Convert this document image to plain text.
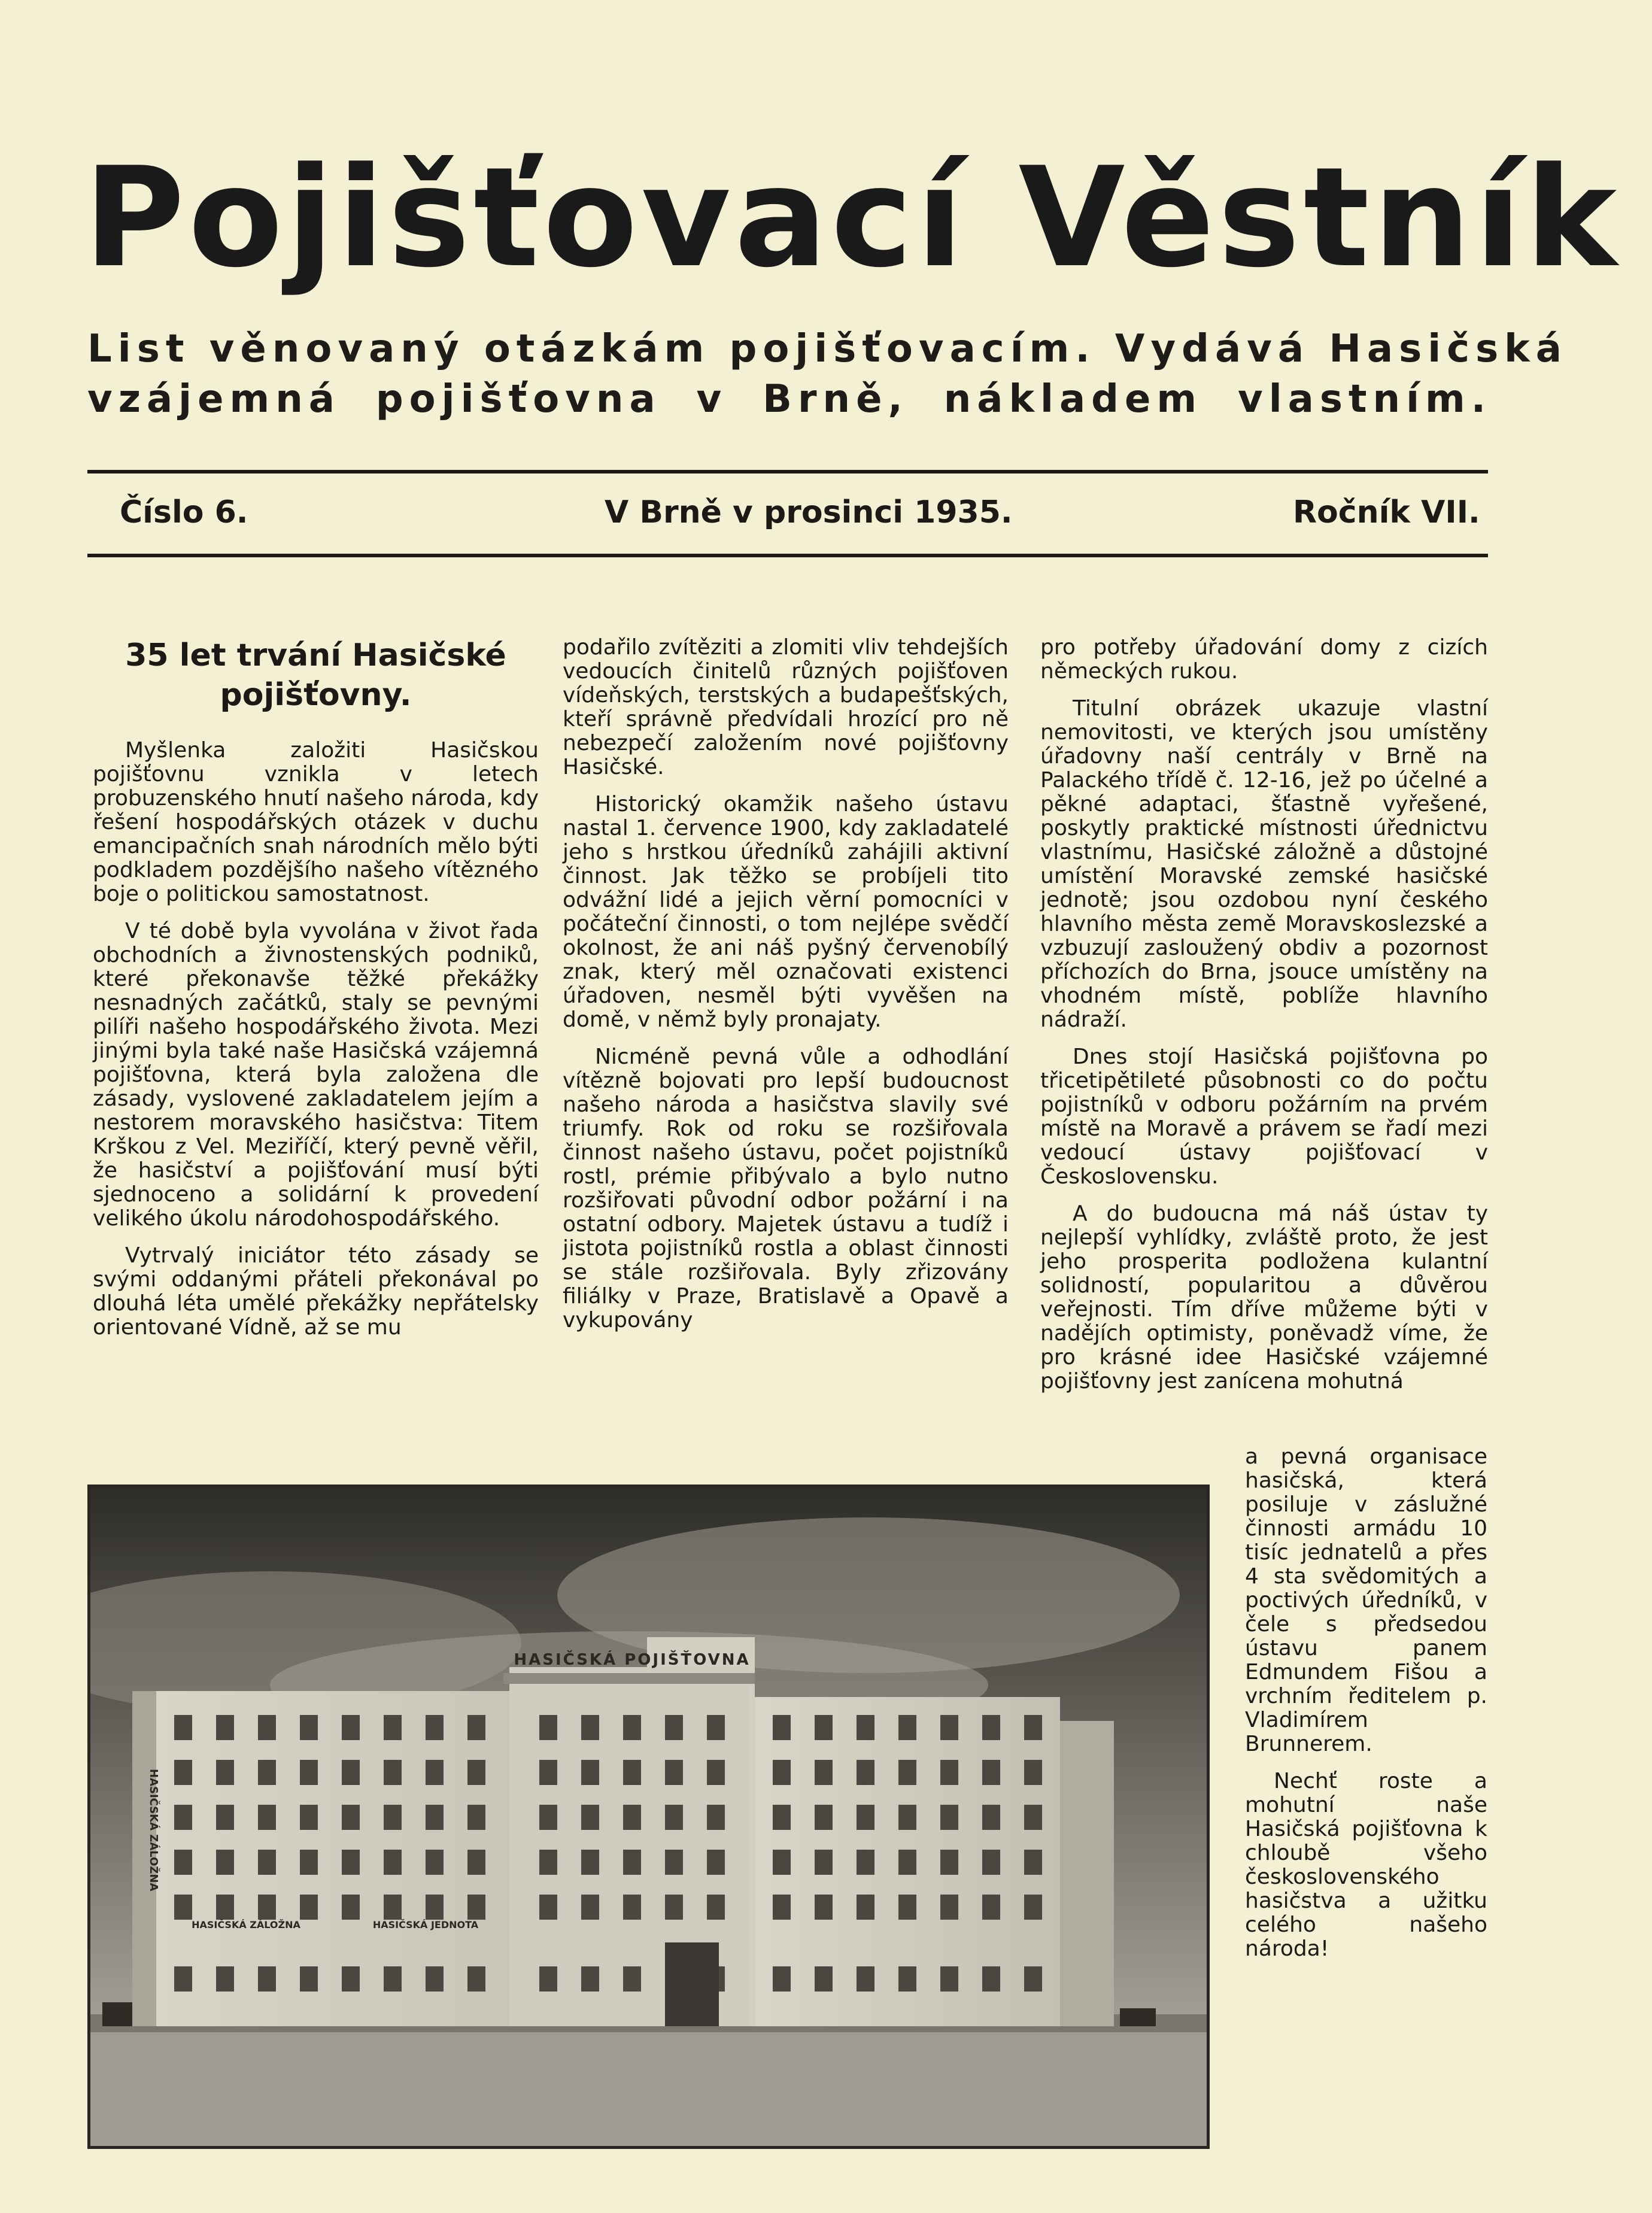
Pojišťovací Věstník
List věnovaný otázkám pojišťovacím. Vydává Hasičská
vzájemná pojišťovna v Brně, nákladem vlastním.
Číslo 6.	V Brně v prosinci 1935.	Ročník VII.
35 let trvání Hasičské pojišťovny.

Myšlenka založiti Hasičskou pojišťovnu vznikla v letech probuzenského hnutí našeho národa, kdy řešení hospodářských otázek v duchu emancipačních snah národních mělo býti podkladem pozdějšího našeho vítězného boje o politickou samostatnost.

V té době byla vyvolána v život řada obchodních a živnostenských podniků, které překonavše těžké překážky nesnadných začátků, staly se pevnými pilíři našeho hospodářského života. Mezi jinými byla také naše Hasičská vzájemná pojišťovna, která byla založena dle zásady, vyslovené zakladatelem jejím a nestorem moravského hasičstva: Titem Krškou z Vel. Meziříčí, který pevně věřil, že hasičství a pojišťování musí býti sjednoceno a solidární k provedení velikého úkolu národohospodářského.

Vytrvalý iniciátor této zásady se svými oddanými přáteli překonával po dlouhá léta umělé překážky nepřátelsky orientované Vídně, až se mu

podařilo zvítěziti a zlomiti vliv tehdejších vedoucích činitelů různých pojišťoven vídeňských, terstských a budapešťských, kteří správně předvídali hrozící pro ně nebezpečí založením nové pojišťovny Hasičské.

Historický okamžik našeho ústavu nastal 1. července 1900, kdy zakladatelé jeho s hrstkou úředníků zahájili aktivní činnost. Jak těžko se probíjeli tito odvážní lidé a jejich věrní pomocníci v počáteční činnosti, o tom nejlépe svědčí okolnost, že ani náš pyšný červenobílý znak, který měl označovati existenci úřadoven, nesměl býti vyvěšen na domě, v němž byly pronajaty.

Nicméně pevná vůle a odhodlání vítězně bojovati pro lepší budoucnost našeho národa a hasičstva slavily své triumfy. Rok od roku se rozšiřovala činnost našeho ústavu, počet pojistníků rostl, prémie přibývalo a bylo nutno rozšiřovati původní odbor požární i na ostatní odbory. Majetek ústavu a tudíž i jistota pojistníků rostla a oblast činnosti se stále rozšiřovala. Byly zřizovány filiálky v Praze, Bratislavě a Opavě a vykupovány

pro potřeby úřadování domy z cizích německých rukou.

Titulní obrázek ukazuje vlastní nemovitosti, ve kterých jsou umístěny úřadovny naší centrály v Brně na Palackého třídě č. 12-16, jež po účelné a pěkné adaptaci, šťastně vyřešené, poskytly praktické místnosti úřednictvu vlastnímu, Hasičské záložně a důstojné umístění Moravské zemské hasičské jednotě; jsou ozdobou nyní českého hlavního města země Moravskoslezské a vzbuzují zasloužený obdiv a pozornost příchozích do Brna, jsouce umístěny na vhodném místě, poblíže hlavního nádraží.

Dnes stojí Hasičská pojišťovna po třicetipětileté působnosti co do počtu pojistníků v odboru požárním na prvém místě na Moravě a právem se řadí mezi vedoucí ústavy pojišťovací v Československu.

A do budoucna má náš ústav ty nejlepší vyhlídky, zvláště proto, že jest jeho prosperita podložena kulantní solidností, popularitou a důvěrou veřejnosti. Tím dříve můžeme býti v nadějích optimisty, poněvadž víme, že pro krásné idee Hasičské vzájemné pojišťovny jest zanícena mohutná

a pevná organisace hasičská, která posiluje v záslužné činnosti armádu 10 tisíc jednatelů a přes 4 sta svědomitých a poctivých úředníků, v čele s předsedou ústavu panem Edmundem Fišou a vrchním ředitelem p. Vladimírem Brunnerem.

Nechť roste a mohutní naše Hasičská pojišťovna k chloubě všeho československého hasičstva a užitku celého našeho národa!

HASIČSKÁ POJIŠŤOVNA
HASIČSKÁ ZÁLOŽNA	HASIČSKÁ JEDNOTA
HASIČSKÁ ZÁLOŽNA
